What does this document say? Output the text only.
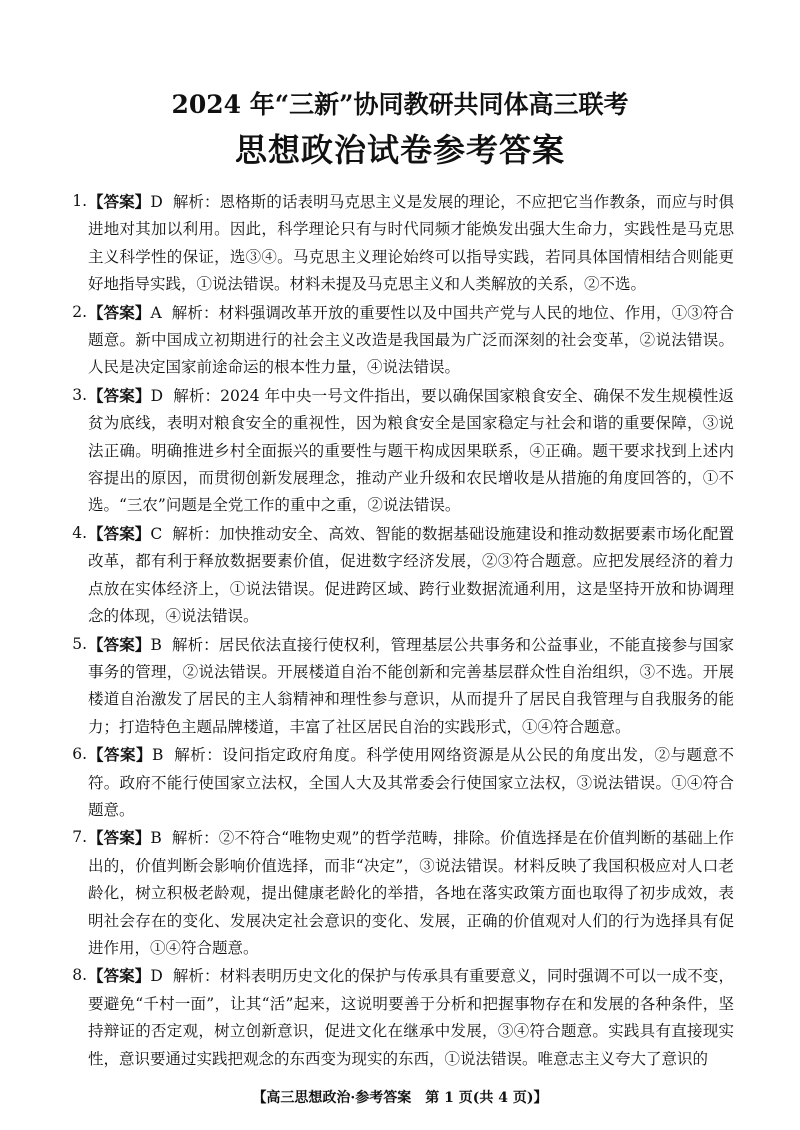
2024 年“三新”协同教研共同体高三联考
思想政治试卷参考答案
1. 【答案】D 解析：恩格斯的话表明马克思主义是发展的理论，不应把它当作教条，而应与时俱进地对其加以利用。因此，科学理论只有与时代同频才能焕发出强大生命力，实践性是马克思主义科学性的保证，选③④。马克思主义理论始终可以指导实践，若同具体国情相结合则能更好地指导实践，①说法错误。材料未提及马克思主义和人类解放的关系，②不选。
2. 【答案】A 解析：材料强调改革开放的重要性以及中国共产党与人民的地位、作用，①③符合题意。新中国成立初期进行的社会主义改造是我国最为广泛而深刻的社会变革，②说法错误。人民是决定国家前途命运的根本性力量，④说法错误。
3. 【答案】D 解析：2024 年中央一号文件指出，要以确保国家粮食安全、确保不发生规模性返贫为底线，表明对粮食安全的重视性，因为粮食安全是国家稳定与社会和谐的重要保障，③说法正确。明确推进乡村全面振兴的重要性与题干构成因果联系，④正确。题干要求找到上述内容提出的原因，而贯彻创新发展理念，推动产业升级和农民增收是从措施的角度回答的，①不选。“三农”问题是全党工作的重中之重，②说法错误。
4. 【答案】C 解析：加快推动安全、高效、智能的数据基础设施建设和推动数据要素市场化配置改革，都有利于释放数据要素价值，促进数字经济发展，②③符合题意。应把发展经济的着力点放在实体经济上，①说法错误。促进跨区域、跨行业数据流通利用，这是坚持开放和协调理念的体现，④说法错误。
5. 【答案】B 解析：居民依法直接行使权利，管理基层公共事务和公益事业，不能直接参与国家事务的管理，②说法错误。开展楼道自治不能创新和完善基层群众性自治组织，③不选。开展楼道自治激发了居民的主人翁精神和理性参与意识，从而提升了居民自我管理与自我服务的能力；打造特色主题品牌楼道，丰富了社区居民自治的实践形式，①④符合题意。
6. 【答案】B 解析：设问指定政府角度。科学使用网络资源是从公民的角度出发，②与题意不符。政府不能行使国家立法权，全国人大及其常委会行使国家立法权，③说法错误。①④符合题意。
7. 【答案】B 解析：②不符合“唯物史观”的哲学范畴，排除。价值选择是在价值判断的基础上作出的，价值判断会影响价值选择，而非“决定”，③说法错误。材料反映了我国积极应对人口老龄化，树立积极老龄观，提出健康老龄化的举措，各地在落实政策方面也取得了初步成效，表明社会存在的变化、发展决定社会意识的变化、发展，正确的价值观对人们的行为选择具有促进作用，①④符合题意。
8. 【答案】D 解析：材料表明历史文化的保护与传承具有重要意义，同时强调不可以一成不变，要避免“千村一面”，让其“活”起来，这说明要善于分析和把握事物存在和发展的各种条件，坚持辩证的否定观，树立创新意识，促进文化在继承中发展，③④符合题意。实践具有直接现实性，意识要通过实践把观念的东西变为现实的东西，①说法错误。唯意志主义夸大了意识的
【高三思想政治·参考答案　第 1 页(共 4 页)】
